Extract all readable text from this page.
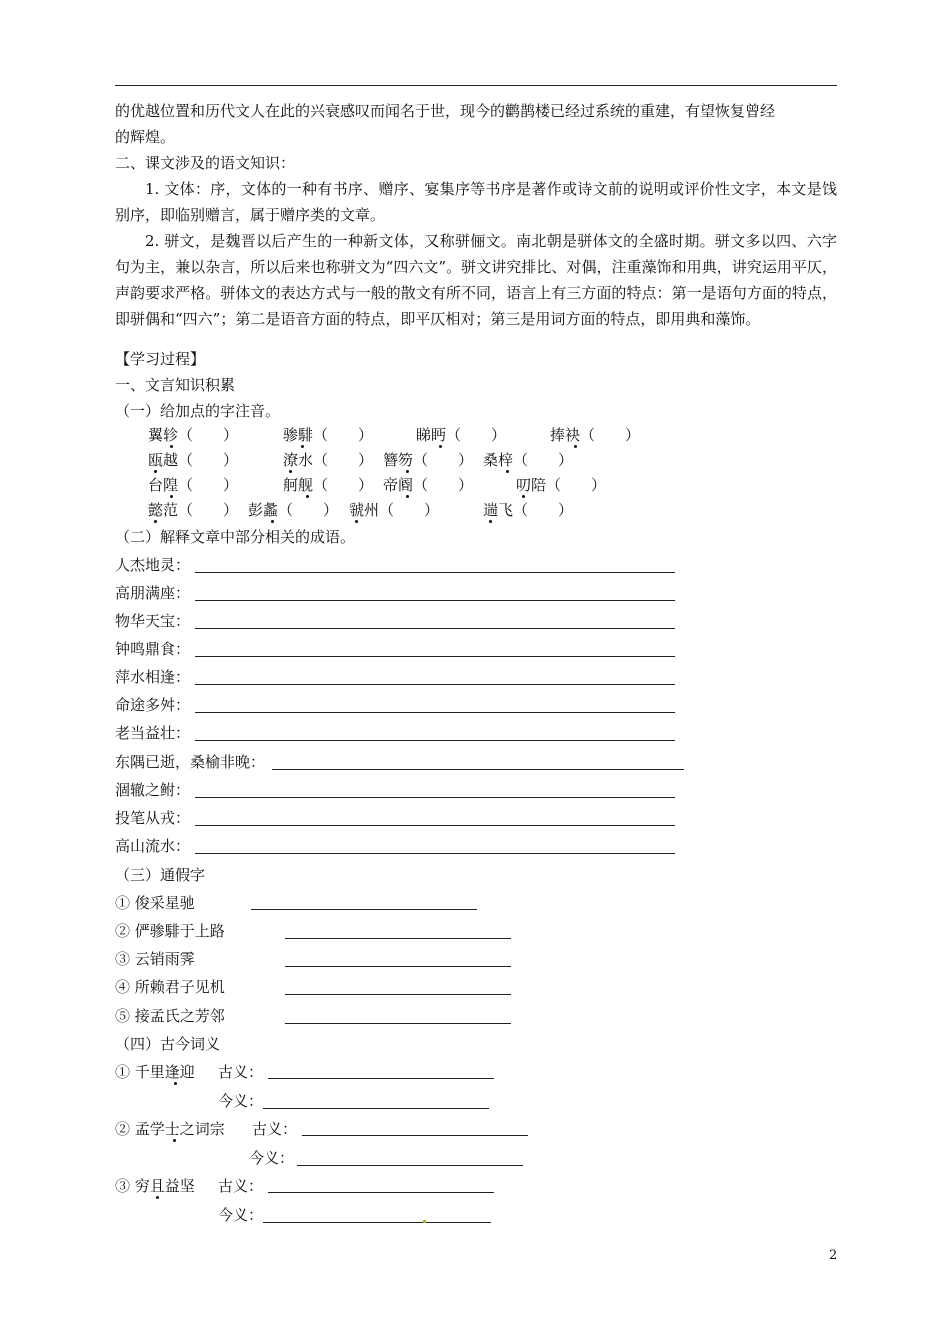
的优越位置和历代文人在此的兴衰感叹而闻名于世，现今的鹳鹊楼已经过系统的重建，有望恢复曾经
的辉煌。
二、课文涉及的语文知识：
1. 文体：序，文体的一种有书序、赠序、宴集序等书序是著作或诗文前的说明或评价性文字，本文是饯别序，即临别赠言，属于赠序类的文章。
2. 骈文，是魏晋以后产生的一种新文体，又称骈俪文。南北朝是骈体文的全盛时期。骈文多以四、六字句为主，兼以杂言，所以后来也称骈文为“四六文”。骈文讲究排比、对偶，注重藻饰和用典，讲究运用平仄，声韵要求严格。骈体文的表达方式与一般的散文有所不同，语言上有三方面的特点：第一是语句方面的特点，即骈偶和“四六”；第二是语音方面的特点，即平仄相对；第三是用词方面的特点，即用典和藻饰。
【学习过程】
一、文言知识积累
（一）给加点的字注音。
翼轸（　　）	骖騑（　　）	睇眄（　　）	捧袂（　　）
瓯越（　　）	潦水（　　） 簪笏（　　） 桑梓（　　）
台隍（　　）	舸舰（　　） 帝阍（　　）	叨陪（　　）
懿范（　　） 彭蠡（　　） 虢州（　　）	遄飞（　　）
（二）解释文章中部分相关的成语。
人杰地灵：
高朋满座：
物华天宝：
钟鸣鼎食：
萍水相逢：
命途多舛：
老当益壮：
东隅已逝，桑榆非晚：
涸辙之鲋：
投笔从戎：
高山流水：
（三）通假字
① 俊采星驰
② 俨骖騑于上路
③ 云销雨霁
④ 所赖君子见机
⑤ 接孟氏之芳邻
（四）古今词义
① 千里逢迎 古义：
今义：
② 孟学士之词宗 古义：
今义：
③ 穷且益坚 古义：
今义：
2
